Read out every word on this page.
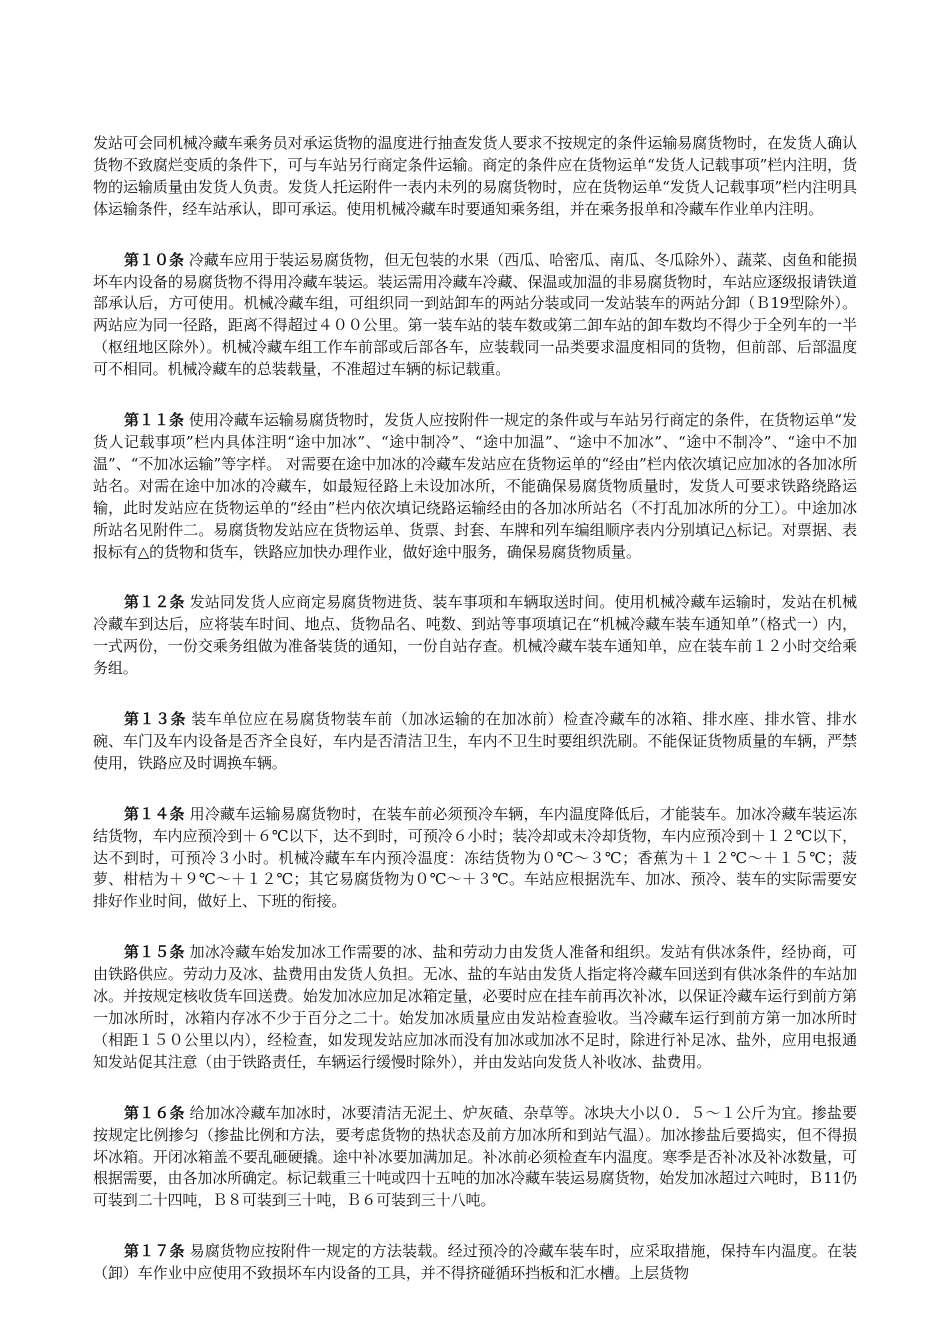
发站可会同机械冷藏车乘务员对承运货物的温度进行抽查发货人要求不按规定的条件运输易腐货物时，在发货人确认货物不致腐烂变质的条件下，可与车站另行商定条件运输。商定的条件应在货物运单“发货人记载事项”栏内注明，货物的运输质量由发货人负责。发货人托运附件一表内未列的易腐货物时，应在货物运单“发货人记载事项”栏内注明具体运输条件，经车站承认，即可承运。使用机械冷藏车时要通知乘务组，并在乘务报单和冷藏车作业单内注明。

第１０条 冷藏车应用于装运易腐货物，但无包装的水果（西瓜、哈密瓜、南瓜、冬瓜除外）、蔬菜、卤鱼和能损坏车内设备的易腐货物不得用冷藏车装运。装运需用冷藏车冷藏、保温或加温的非易腐货物时，车站应逐级报请铁道部承认后，方可使用。机械冷藏车组，可组织同一到站卸车的两站分装或同一发站装车的两站分卸（Ｂ19型除外）。两站应为同一径路，距离不得超过４００公里。第一装车站的装车数或第二卸车站的卸车数均不得少于全列车的一半（枢纽地区除外）。机械冷藏车组工作车前部或后部各车，应装载同一品类要求温度相同的货物，但前部、后部温度可不相同。机械冷藏车的总装载量，不准超过车辆的标记载重。

第１１条 使用冷藏车运输易腐货物时，发货人应按附件一规定的条件或与车站另行商定的条件，在货物运单“发货人记载事项”栏内具体注明“途中加冰”、“途中制冷”、“途中加温”、“途中不加冰”、“途中不制冷”、“途中不加温”、“不加冰运输”等字样。 对需要在途中加冰的冷藏车发站应在货物运单的“经由”栏内依次填记应加冰的各加冰所站名。对需在途中加冰的冷藏车，如最短径路上未设加冰所，不能确保易腐货物质量时，发货人可要求铁路绕路运输，此时发站应在货物运单的“经由”栏内依次填记绕路运输经由的各加冰所站名（不打乱加冰所的分工）。中途加冰所站名见附件二。易腐货物发站应在货物运单、货票、封套、车牌和列车编组顺序表内分别填记△标记。对票据、表报标有△的货物和货车，铁路应加快办理作业，做好途中服务，确保易腐货物质量。

第１２条 发站同发货人应商定易腐货物进货、装车事项和车辆取送时间。使用机械冷藏车运输时，发站在机械冷藏车到达后，应将装车时间、地点、货物品名、吨数、到站等事项填记在“机械冷藏车装车通知单”（格式一）内，一式两份，一份交乘务组做为准备装货的通知，一份自站存查。机械冷藏车装车通知单，应在装车前１２小时交给乘务组。

第１３条 装车单位应在易腐货物装车前（加冰运输的在加冰前）检查冷藏车的冰箱、排水座、排水管、排水碗、车门及车内设备是否齐全良好，车内是否清洁卫生，车内不卫生时要组织洗刷。不能保证货物质量的车辆，严禁使用，铁路应及时调换车辆。

第１４条 用冷藏车运输易腐货物时，在装车前必须预冷车辆，车内温度降低后，才能装车。加冰冷藏车装运冻结货物，车内应预冷到＋６℃以下，达不到时，可预冷６小时；装冷却或未冷却货物，车内应预冷到＋１２℃以下，达不到时，可预冷３小时。机械冷藏车车内预冷温度：冻结货物为０℃～３℃；香蕉为＋１２℃～＋１５℃；菠萝、柑桔为＋９℃～＋１２℃；其它易腐货物为０℃～＋３℃。车站应根据洗车、加冰、预冷、装车的实际需要安排好作业时间，做好上、下班的衔接。

第１５条 加冰冷藏车始发加冰工作需要的冰、盐和劳动力由发货人准备和组织。发站有供冰条件，经协商，可由铁路供应。劳动力及冰、盐费用由发货人负担。无冰、盐的车站由发货人指定将冷藏车回送到有供冰条件的车站加冰。并按规定核收货车回送费。始发加冰应加足冰箱定量，必要时应在挂车前再次补冰，以保证冷藏车运行到前方第一加冰所时，冰箱内存冰不少于百分之二十。始发加冰质量应由发站检查验收。当冷藏车运行到前方第一加冰所时（相距１５０公里以内），经检查，如发现发站应加冰而没有加冰或加冰不足时，除进行补足冰、盐外，应用电报通知发站促其注意（由于铁路责任，车辆运行缓慢时除外），并由发站向发货人补收冰、盐费用。

第１６条 给加冰冷藏车加冰时，冰要清洁无泥土、炉灰碴、杂草等。冰块大小以０．５～１公斤为宜。掺盐要按规定比例掺匀（掺盐比例和方法，要考虑货物的热状态及前方加冰所和到站气温）。加冰掺盐后要捣实，但不得损坏冰箱。开闭冰箱盖不要乱砸硬撬。途中补冰要加满加足。补冰前必须检查车内温度。寒季是否补冰及补冰数量，可根据需要，由各加冰所确定。标记载重三十吨或四十五吨的加冰冷藏车装运易腐货物，始发加冰超过六吨时，Ｂ11仍可装到二十四吨，Ｂ８可装到三十吨，Ｂ６可装到三十八吨。

第１７条 易腐货物应按附件一规定的方法装载。经过预冷的冷藏车装车时，应采取措施，保持车内温度。在装（卸）车作业中应使用不致损坏车内设备的工具，并不得挤碰循环挡板和汇水槽。上层货物
